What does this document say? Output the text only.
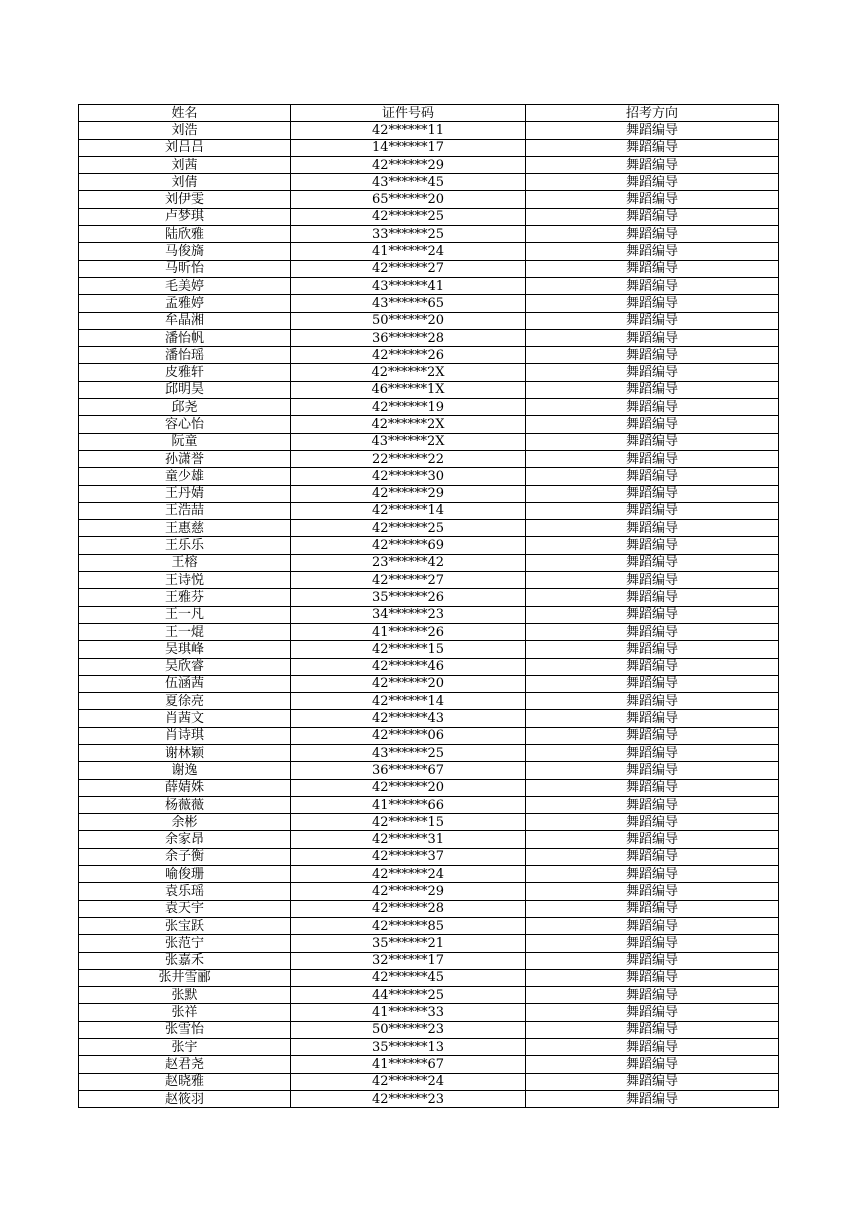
姓名	证件号码	招考方向
刘浩	42******11	舞蹈编导
刘吕吕	14******17	舞蹈编导
刘茜	42******29	舞蹈编导
刘倩	43******45	舞蹈编导
刘伊雯	65******20	舞蹈编导
卢梦琪	42******25	舞蹈编导
陆欣雅	33******25	舞蹈编导
马俊旖	41******24	舞蹈编导
马昕怡	42******27	舞蹈编导
毛美婷	43******41	舞蹈编导
孟雅婷	43******65	舞蹈编导
牟晶湘	50******20	舞蹈编导
潘怡帆	36******28	舞蹈编导
潘怡瑶	42******26	舞蹈编导
皮雅轩	42******2X	舞蹈编导
邱明昊	46******1X	舞蹈编导
邱尧	42******19	舞蹈编导
容心怡	42******2X	舞蹈编导
阮童	43******2X	舞蹈编导
孙潇誉	22******22	舞蹈编导
童少雄	42******30	舞蹈编导
王丹婧	42******29	舞蹈编导
王浩喆	42******14	舞蹈编导
王惠慈	42******25	舞蹈编导
王乐乐	42******69	舞蹈编导
王榕	23******42	舞蹈编导
王诗悦	42******27	舞蹈编导
王雅芬	35******26	舞蹈编导
王一凡	34******23	舞蹈编导
王一焜	41******26	舞蹈编导
吴琪峰	42******15	舞蹈编导
吴欣睿	42******46	舞蹈编导
伍涵茜	42******20	舞蹈编导
夏徐亮	42******14	舞蹈编导
肖茜文	42******43	舞蹈编导
肖诗琪	42******06	舞蹈编导
谢林颖	43******25	舞蹈编导
谢逸	36******67	舞蹈编导
薛婧姝	42******20	舞蹈编导
杨薇薇	41******66	舞蹈编导
余彬	42******15	舞蹈编导
余家昂	42******31	舞蹈编导
余子衡	42******37	舞蹈编导
喻俊珊	42******24	舞蹈编导
袁乐瑶	42******29	舞蹈编导
袁天宇	42******28	舞蹈编导
张宝跃	42******85	舞蹈编导
张范宁	35******21	舞蹈编导
张嘉禾	32******17	舞蹈编导
张井雪郦	42******45	舞蹈编导
张默	44******25	舞蹈编导
张祥	41******33	舞蹈编导
张雪怡	50******23	舞蹈编导
张宇	35******13	舞蹈编导
赵君尧	41******67	舞蹈编导
赵晓雅	42******24	舞蹈编导
赵筱羽	42******23	舞蹈编导
